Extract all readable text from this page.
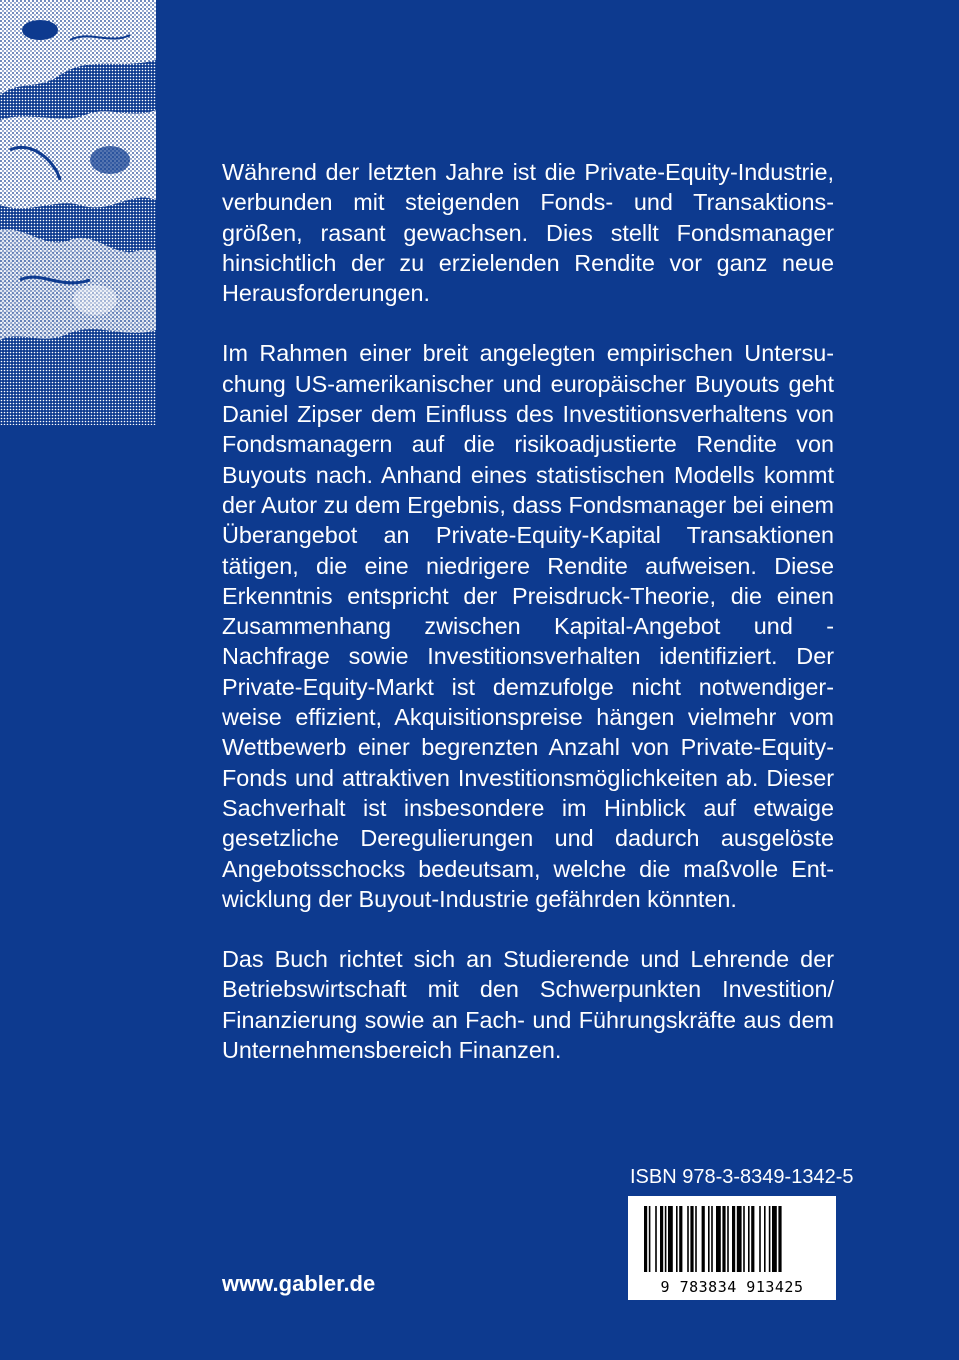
Während der letzten Jahre ist die Private-Equity-Industrie, verbunden mit steigenden Fonds- und Transaktionsgrößen, rasant gewachsen. Dies stellt Fondsmanager hinsichtlich der zu erzielenden Rendite vor ganz neue Herausforderungen.

Im Rahmen einer breit angelegten empirischen Untersuchung US-amerikanischer und europäischer Buyouts geht Daniel Zipser dem Einfluss des Investitionsverhaltens von Fondsmanagern auf die risikoadjustierte Rendite von Buyouts nach. Anhand eines statistischen Modells kommt der Autor zu dem Ergebnis, dass Fondsmanager bei einem Überangebot an Private-Equity-Kapital Transaktionen tätigen, die eine niedrigere Rendite aufweisen. Diese Erkenntnis entspricht der Preisdruck-Theorie, die einen Zusammenhang zwischen Kapital-Angebot und -Nachfrage sowie Investitionsverhalten identifiziert. Der Private-Equity-Markt ist demzufolge nicht notwendigerweise effizient, Akquisitionspreise hängen vielmehr vom Wettbewerb einer begrenzten Anzahl von Private-Equity-Fonds und attraktiven Investitionsmöglichkeiten ab. Dieser Sachverhalt ist insbesondere im Hinblick auf etwaige gesetzliche Deregulierungen und dadurch ausgelöste Angebotsschocks bedeutsam, welche die maßvolle Entwicklung der Buyout-Industrie gefährden könnten.

Das Buch richtet sich an Studierende und Lehrende der Betriebswirtschaft mit den Schwerpunkten Investition/ Finanzierung sowie an Fach- und Führungskräfte aus dem Unternehmensbereich Finanzen.

ISBN 978-3-8349-1342-5
9 783834 913425
www.gabler.de
